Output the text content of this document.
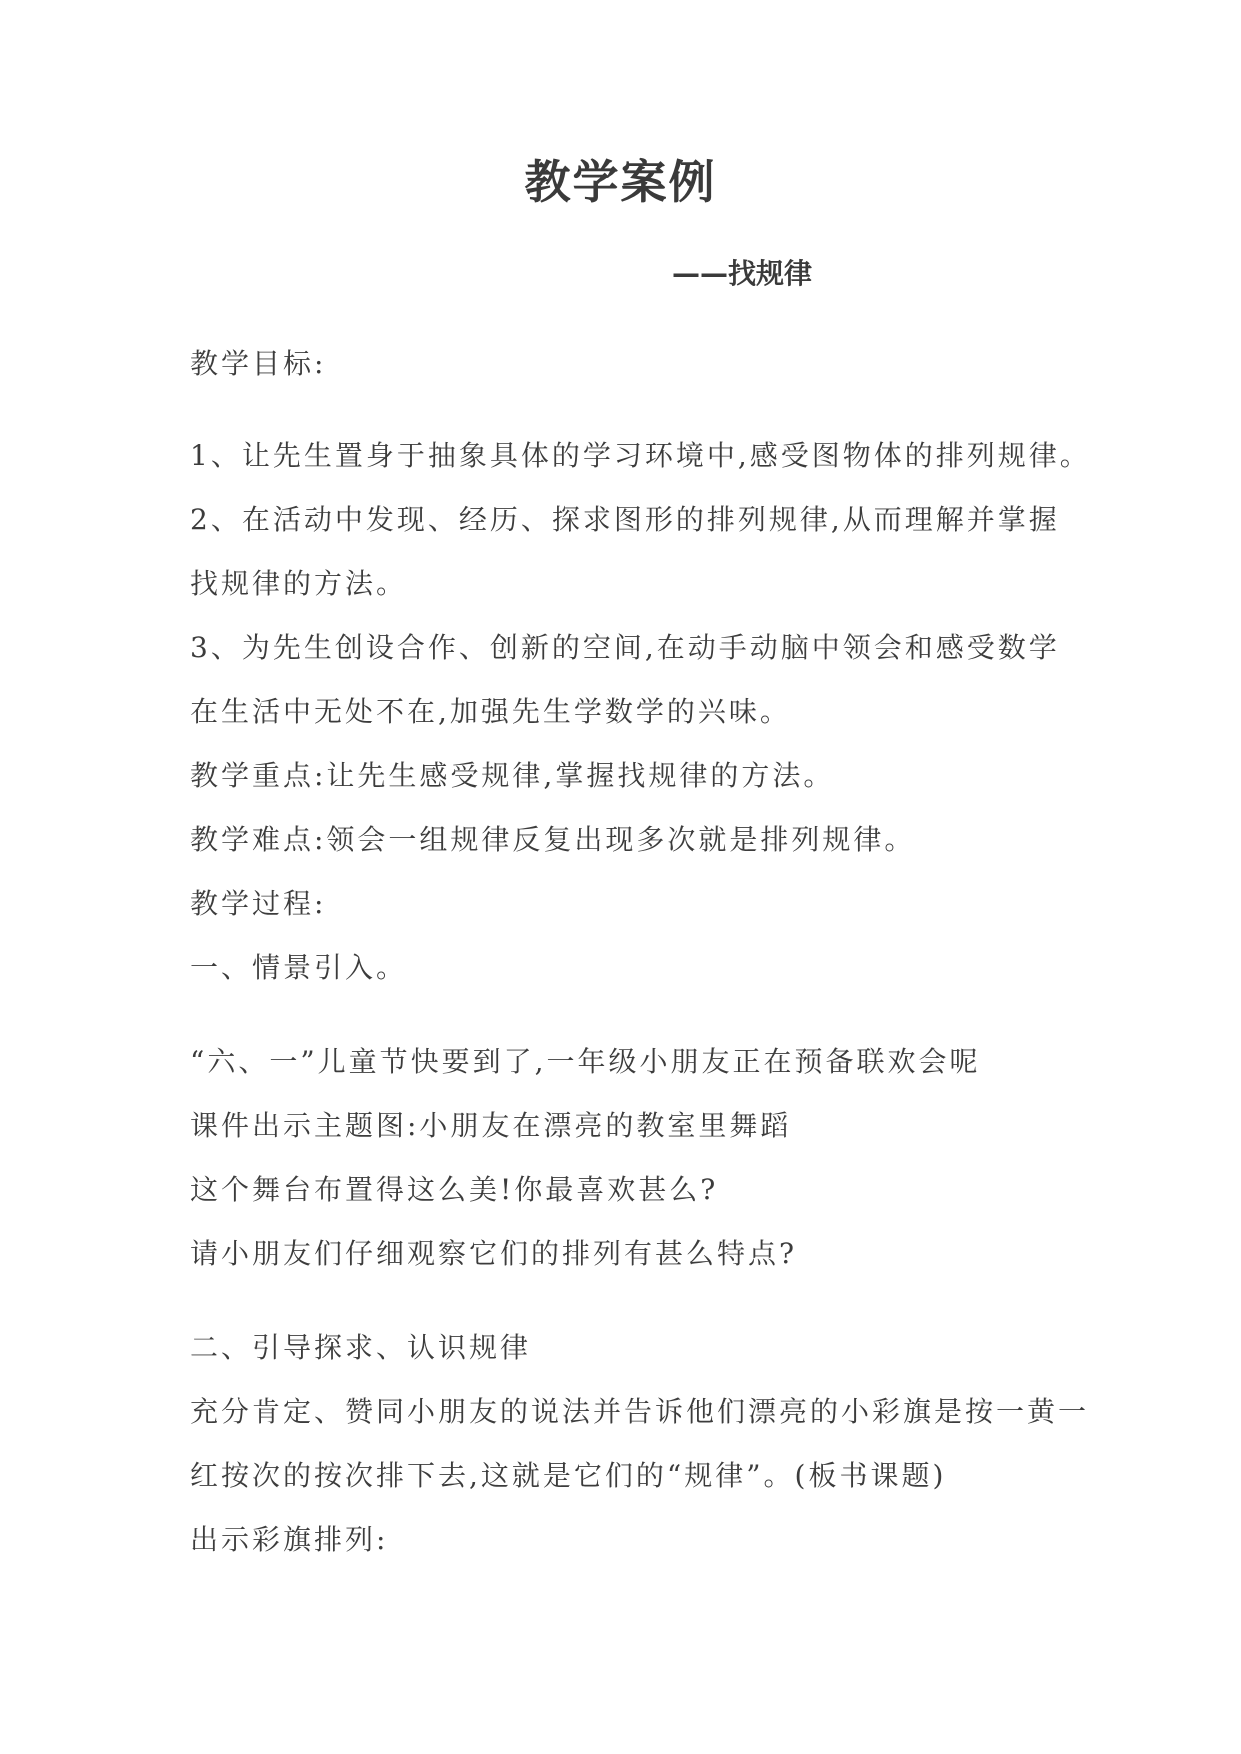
教学案例
——找规律
教学目标:
1、让先生置身于抽象具体的学习环境中,感受图物体的排列规律。
2、在活动中发现、经历、探求图形的排列规律,从而理解并掌握
找规律的方法。
3、为先生创设合作、创新的空间,在动手动脑中领会和感受数学
在生活中无处不在,加强先生学数学的兴味。
教学重点:让先生感受规律,掌握找规律的方法。
教学难点:领会一组规律反复出现多次就是排列规律。
教学过程:
一、情景引入。
“六、一”儿童节快要到了,一年级小朋友正在预备联欢会呢
课件出示主题图:小朋友在漂亮的教室里舞蹈
这个舞台布置得这么美!你最喜欢甚么?
请小朋友们仔细观察它们的排列有甚么特点?
二、引导探求、认识规律
充分肯定、赞同小朋友的说法并告诉他们漂亮的小彩旗是按一黄一
红按次的按次排下去,这就是它们的“规律”。(板书课题)
出示彩旗排列:
